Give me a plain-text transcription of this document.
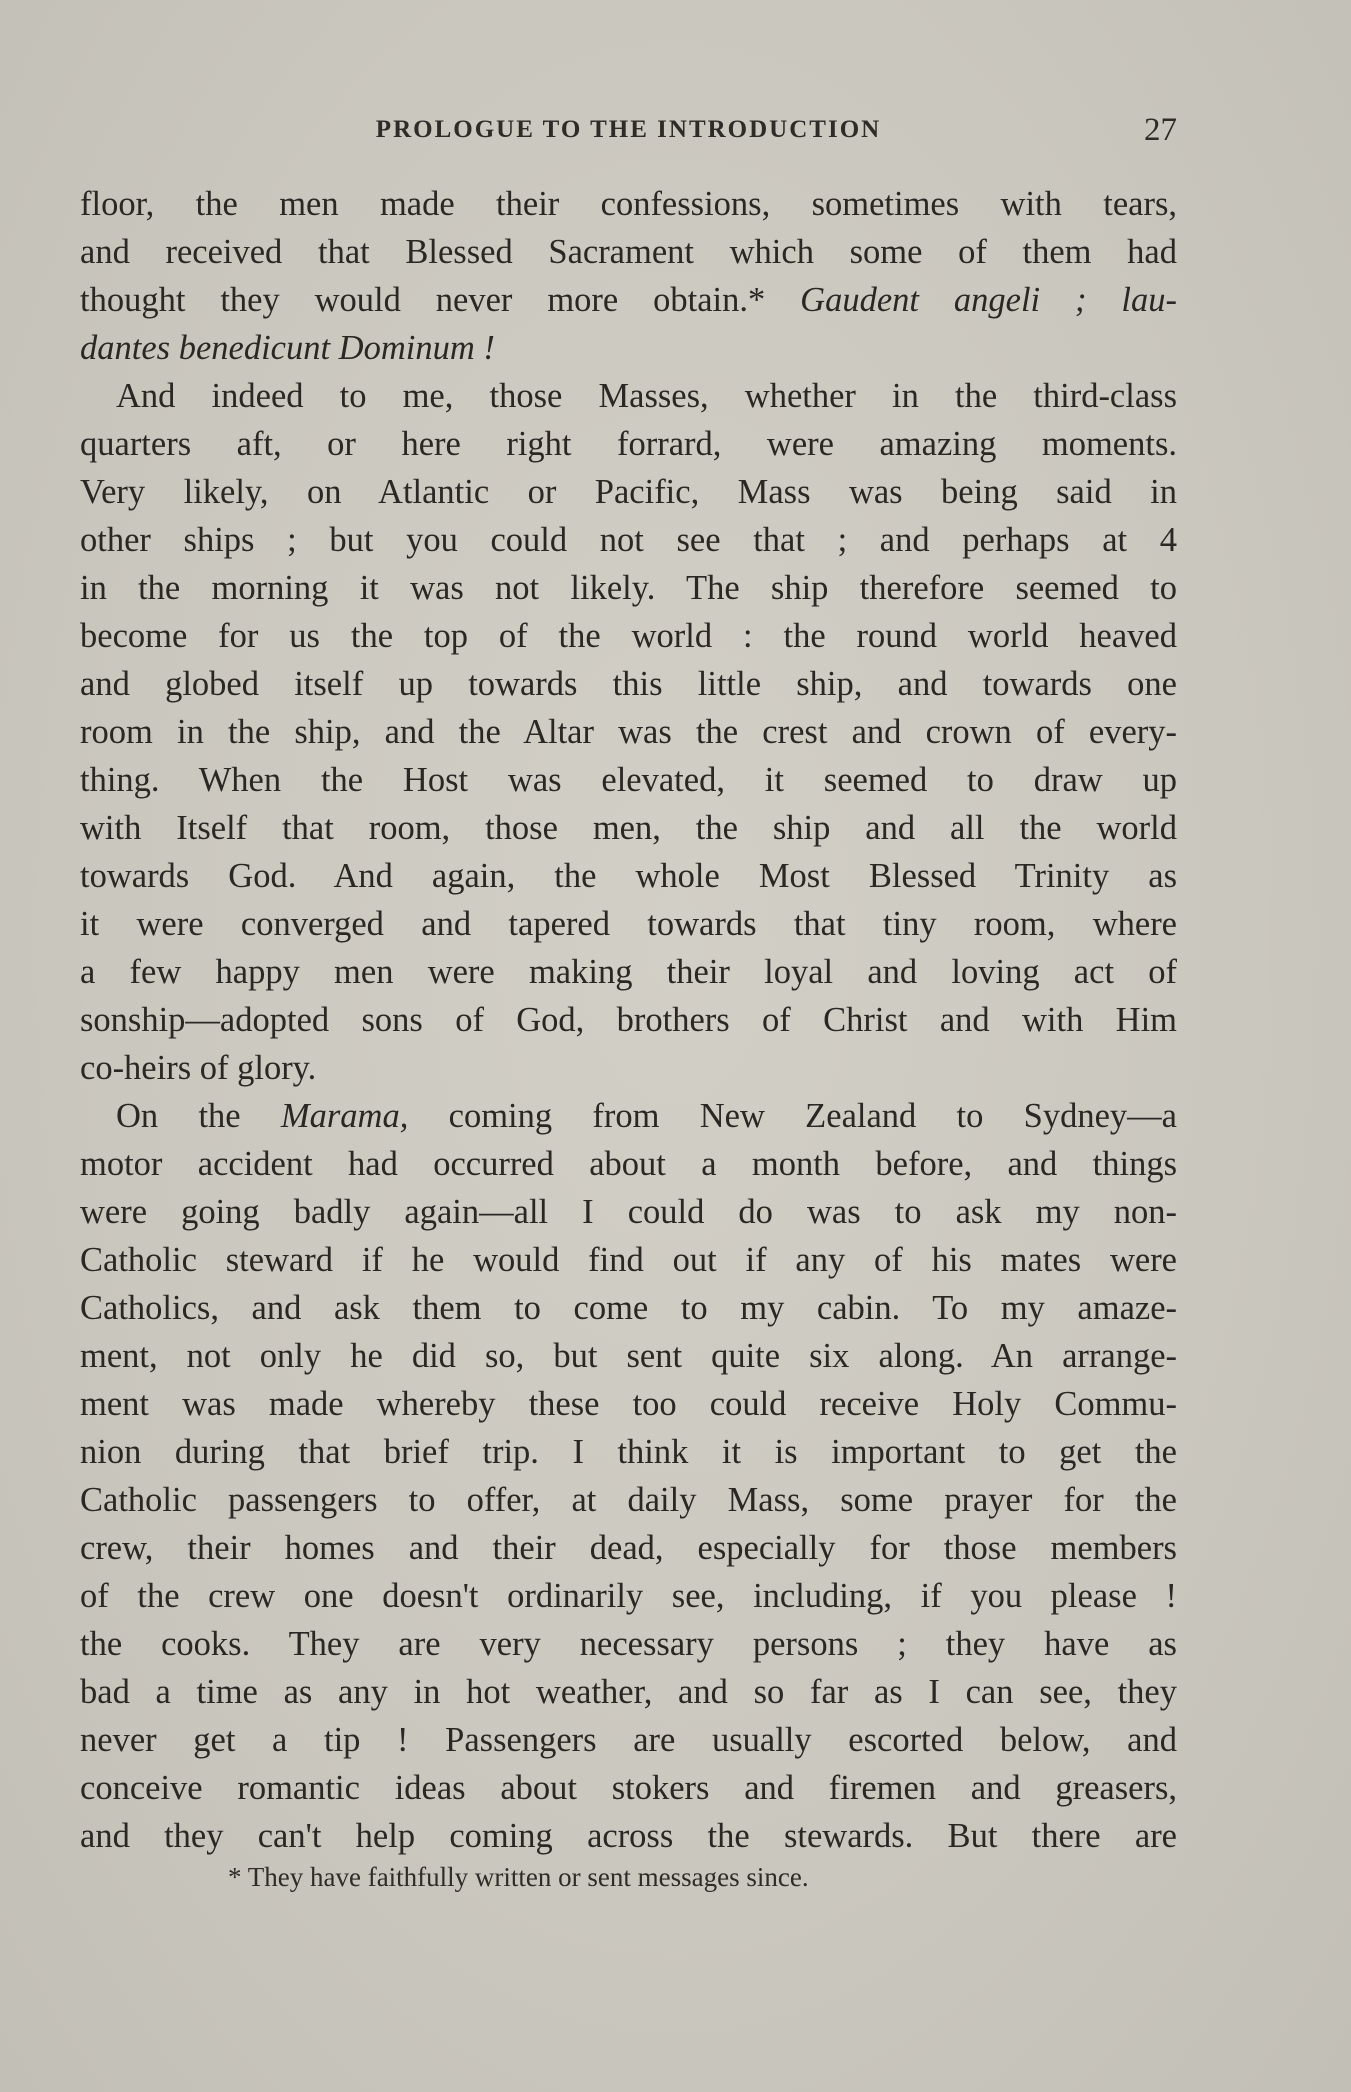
PROLOGUE TO THE INTRODUCTION	27
floor, the men made their confessions, sometimes with tears,
and received that Blessed Sacrament which some of them had
thought they would never more obtain.* Gaudent angeli ; lau-
dantes benedicunt Dominum !
And indeed to me, those Masses, whether in the third-class
quarters aft, or here right forrard, were amazing moments.
Very likely, on Atlantic or Pacific, Mass was being said in
other ships ; but you could not see that ; and perhaps at 4
in the morning it was not likely. The ship therefore seemed to
become for us the top of the world : the round world heaved
and globed itself up towards this little ship, and towards one
room in the ship, and the Altar was the crest and crown of every-
thing. When the Host was elevated, it seemed to draw up
with Itself that room, those men, the ship and all the world
towards God. And again, the whole Most Blessed Trinity as
it were converged and tapered towards that tiny room, where
a few happy men were making their loyal and loving act of
sonship—adopted sons of God, brothers of Christ and with Him
co-heirs of glory.
On the Marama, coming from New Zealand to Sydney—a
motor accident had occurred about a month before, and things
were going badly again—all I could do was to ask my non-
Catholic steward if he would find out if any of his mates were
Catholics, and ask them to come to my cabin. To my amaze-
ment, not only he did so, but sent quite six along. An arrange-
ment was made whereby these too could receive Holy Commu-
nion during that brief trip. I think it is important to get the
Catholic passengers to offer, at daily Mass, some prayer for the
crew, their homes and their dead, especially for those members
of the crew one doesn't ordinarily see, including, if you please !
the cooks. They are very necessary persons ; they have as
bad a time as any in hot weather, and so far as I can see, they
never get a tip ! Passengers are usually escorted below, and
conceive romantic ideas about stokers and firemen and greasers,
and they can't help coming across the stewards. But there are
* They have faithfully written or sent messages since.
